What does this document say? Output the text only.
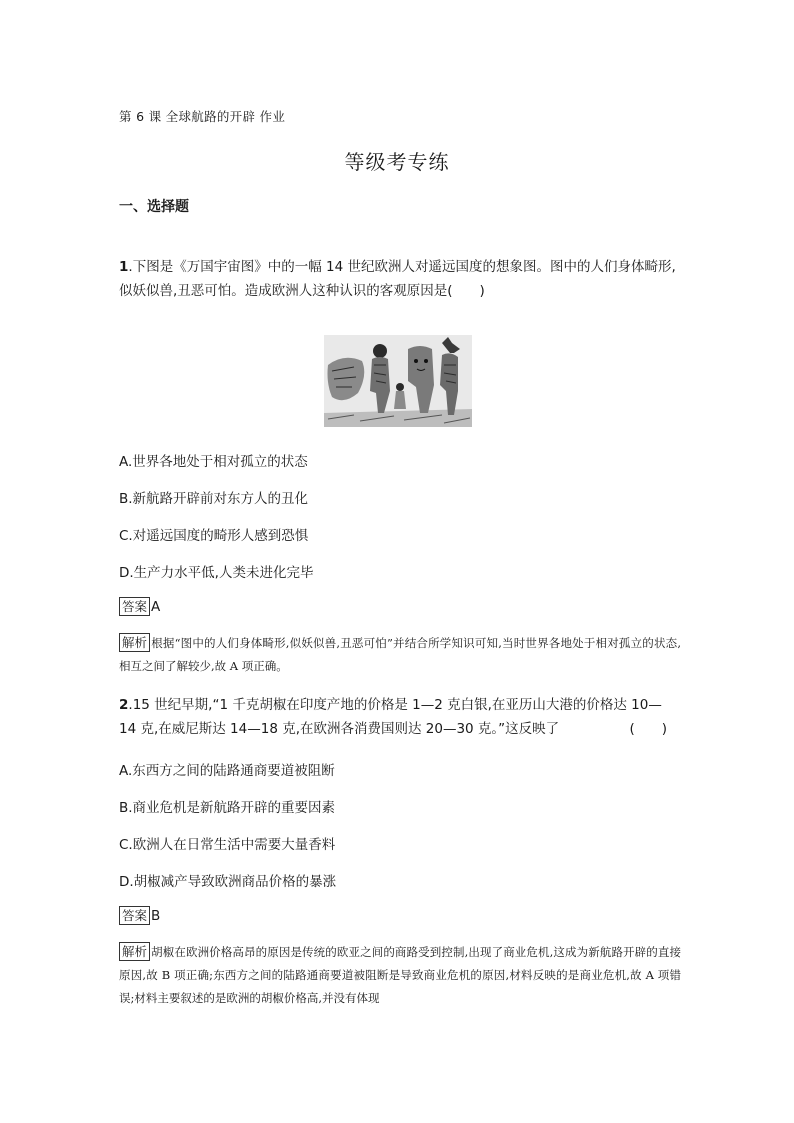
第 6 课 全球航路的开辟 作业
等级考专练
一、选择题
1.下图是《万国宇宙图》中的一幅 14 世纪欧洲人对遥远国度的想象图。图中的人们身体畸形,似妖似兽,丑恶可怕。造成欧洲人这种认识的客观原因是(　　)
A.世界各地处于相对孤立的状态
B.新航路开辟前对东方人的丑化
C.对遥远国度的畸形人感到恐惧
D.生产力水平低,人类未进化完毕
答案 A
解析 根据“图中的人们身体畸形,似妖似兽,丑恶可怕”并结合所学知识可知,当时世界各地处于相对孤立的状态,相互之间了解较少,故 A 项正确。
2.15 世纪早期,“1 千克胡椒在印度产地的价格是 1—2 克白银,在亚历山大港的价格达 10—14 克,在威尼斯达 14—18 克,在欧洲各消费国则达 20—30 克。”这反映了	(　　)
A.东西方之间的陆路通商要道被阻断
B.商业危机是新航路开辟的重要因素
C.欧洲人在日常生活中需要大量香料
D.胡椒减产导致欧洲商品价格的暴涨
答案 B
解析 胡椒在欧洲价格高昂的原因是传统的欧亚之间的商路受到控制,出现了商业危机,这成为新航路开辟的直接原因,故 B 项正确;东西方之间的陆路通商要道被阻断是导致商业危机的原因,材料反映的是商业危机,故 A 项错误;材料主要叙述的是欧洲的胡椒价格高,并没有体现
